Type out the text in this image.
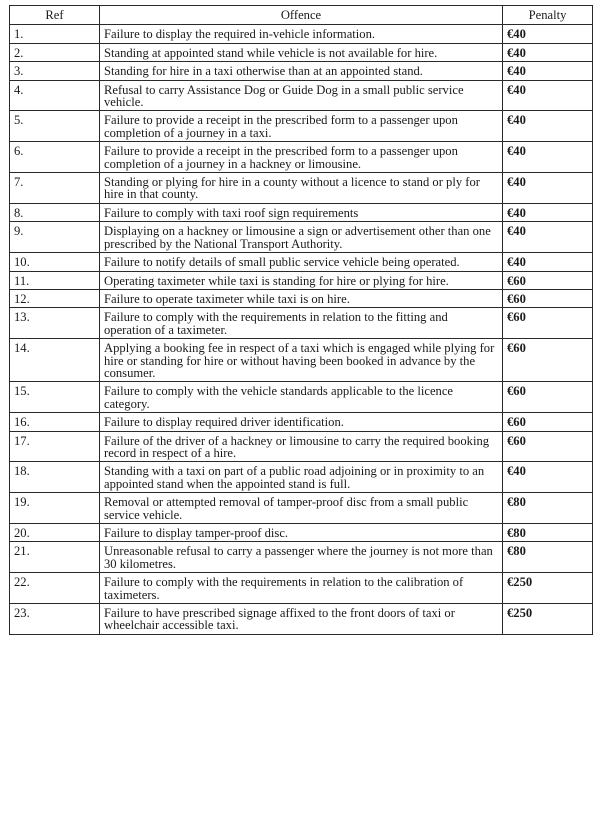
Ref	Offence	Penalty
1.	Failure to display the required in-vehicle information.	€40
2.	Standing at appointed stand while vehicle is not available for hire.	€40
3.	Standing for hire in a taxi otherwise than at an appointed stand.	€40
4.	Refusal to carry Assistance Dog or Guide Dog in a small public service vehicle.	€40
5.	Failure to provide a receipt in the prescribed form to a passenger upon completion of a journey in a taxi.	€40
6.	Failure to provide a receipt in the prescribed form to a passenger upon completion of a journey in a hackney or limousine.	€40
7.	Standing or plying for hire in a county without a licence to stand or ply for hire in that county.	€40
8.	Failure to comply with taxi roof sign requirements	€40
9.	Displaying on a hackney or limousine a sign or advertisement other than one prescribed by the National Transport Authority.	€40
10.	Failure to notify details of small public service vehicle being operated.	€40
11.	Operating taximeter while taxi is standing for hire or plying for hire.	€60
12.	Failure to operate taximeter while taxi is on hire.	€60
13.	Failure to comply with the requirements in relation to the fitting and operation of a taximeter.	€60
14.	Applying a booking fee in respect of a taxi which is engaged while plying for hire or standing for hire or without having been booked in advance by the consumer.	€60
15.	Failure to comply with the vehicle standards applicable to the licence category.	€60
16.	Failure to display required driver identification.	€60
17.	Failure of the driver of a hackney or limousine to carry the required booking record in respect of a hire.	€60
18.	Standing with a taxi on part of a public road adjoining or in proximity to an appointed stand when the appointed stand is full.	€40
19.	Removal or attempted removal of tamper-proof disc from a small public service vehicle.	€80
20.	Failure to display tamper-proof disc.	€80
21.	Unreasonable refusal to carry a passenger where the journey is not more than 30 kilometres.	€80
22.	Failure to comply with the requirements in relation to the calibration of taximeters.	€250
23.	Failure to have prescribed signage affixed to the front doors of taxi or wheelchair accessible taxi.	€250
